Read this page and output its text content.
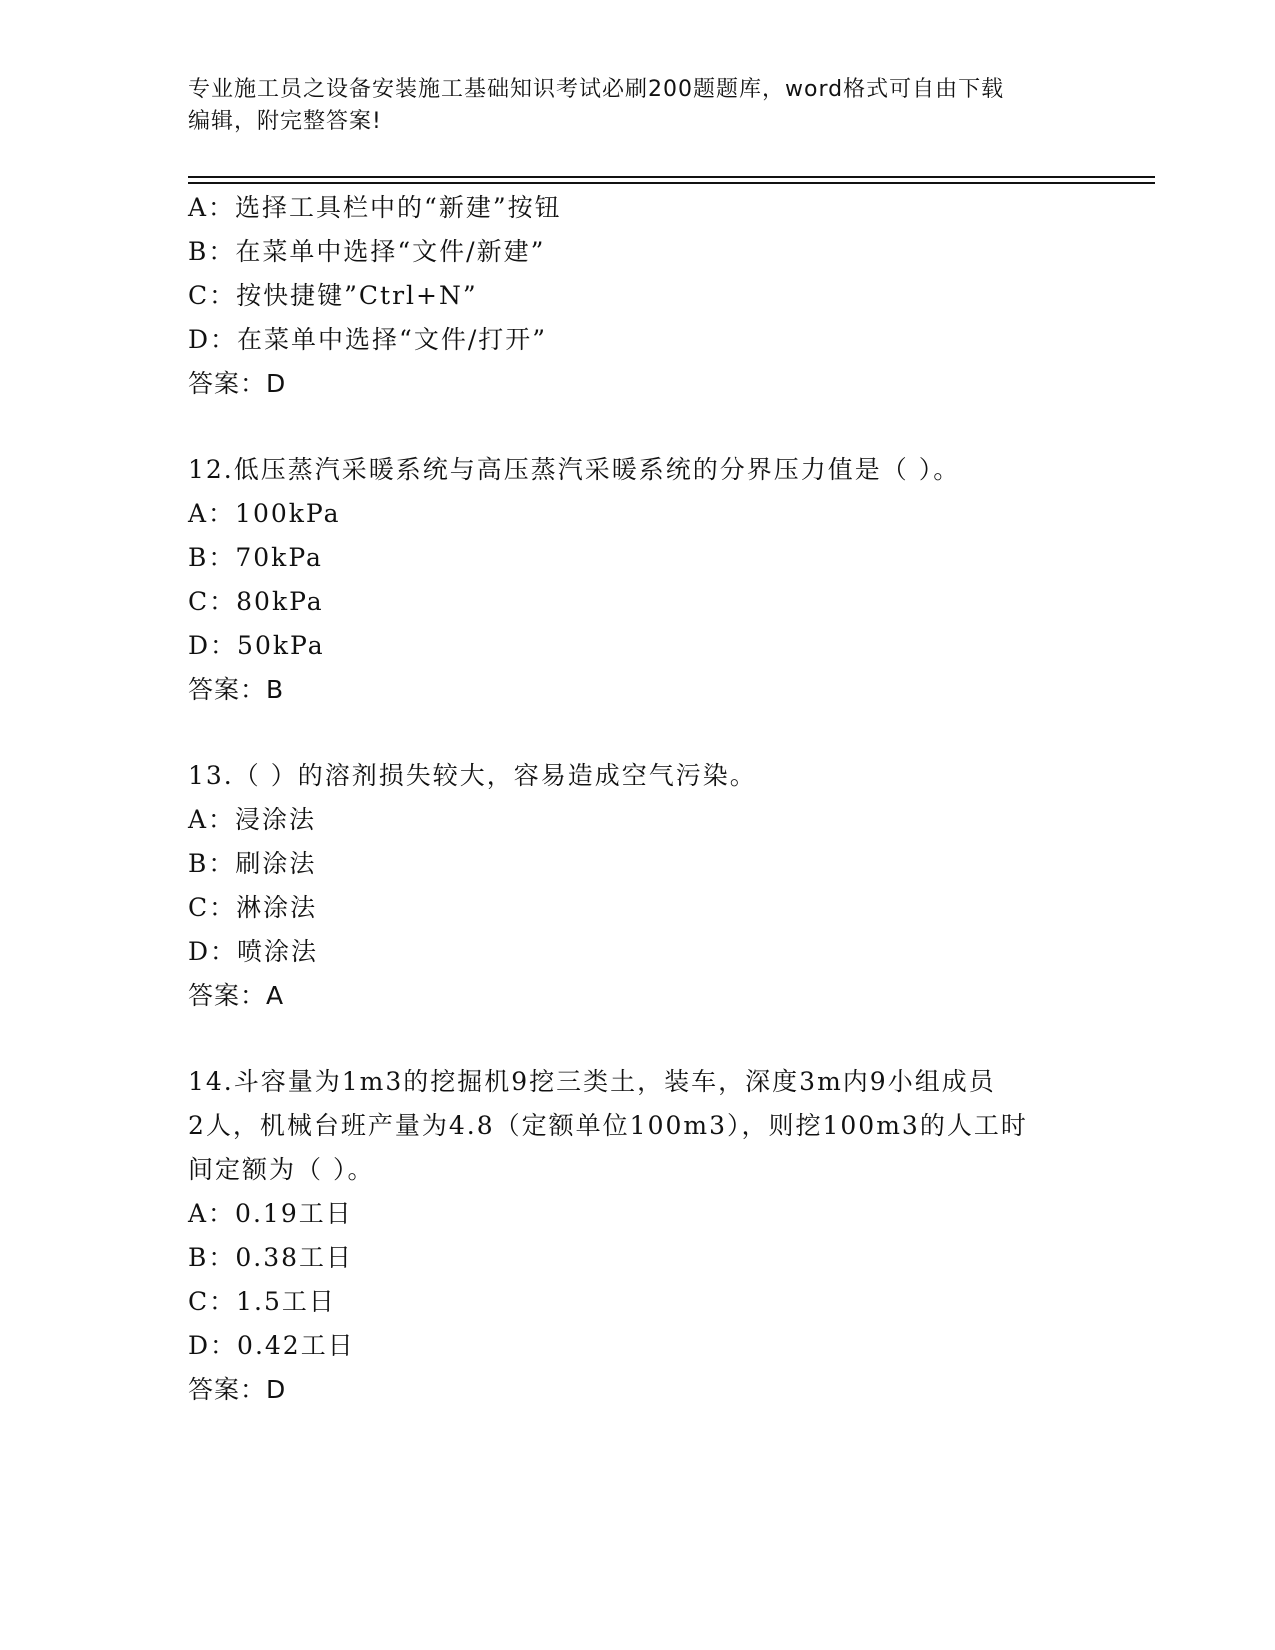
专业施工员之设备安装施工基础知识考试必刷200题题库，word格式可自由下载
编辑，附完整答案!
A：选择工具栏中的“新建”按钮
B：在菜单中选择“文件/新建”
C：按快捷键”Ctrl+N”
D：在菜单中选择“文件/打开”
答案：D
12.低压蒸汽采暖系统与高压蒸汽采暖系统的分界压力值是（ ）。
A：100kPa
B：70kPa
C：80kPa
D：50kPa
答案：B
13.（ ）的溶剂损失较大，容易造成空气污染。
A：浸涂法
B：刷涂法
C：淋涂法
D：喷涂法
答案：A
14.斗容量为1m3的挖掘机9挖三类土，装车，深度3m内9小组成员
2人，机械台班产量为4.8（定额单位100m3），则挖100m3的人工时
间定额为（ ）。
A：0.19工日
B：0.38工日
C：1.5工日
D：0.42工日
答案：D
